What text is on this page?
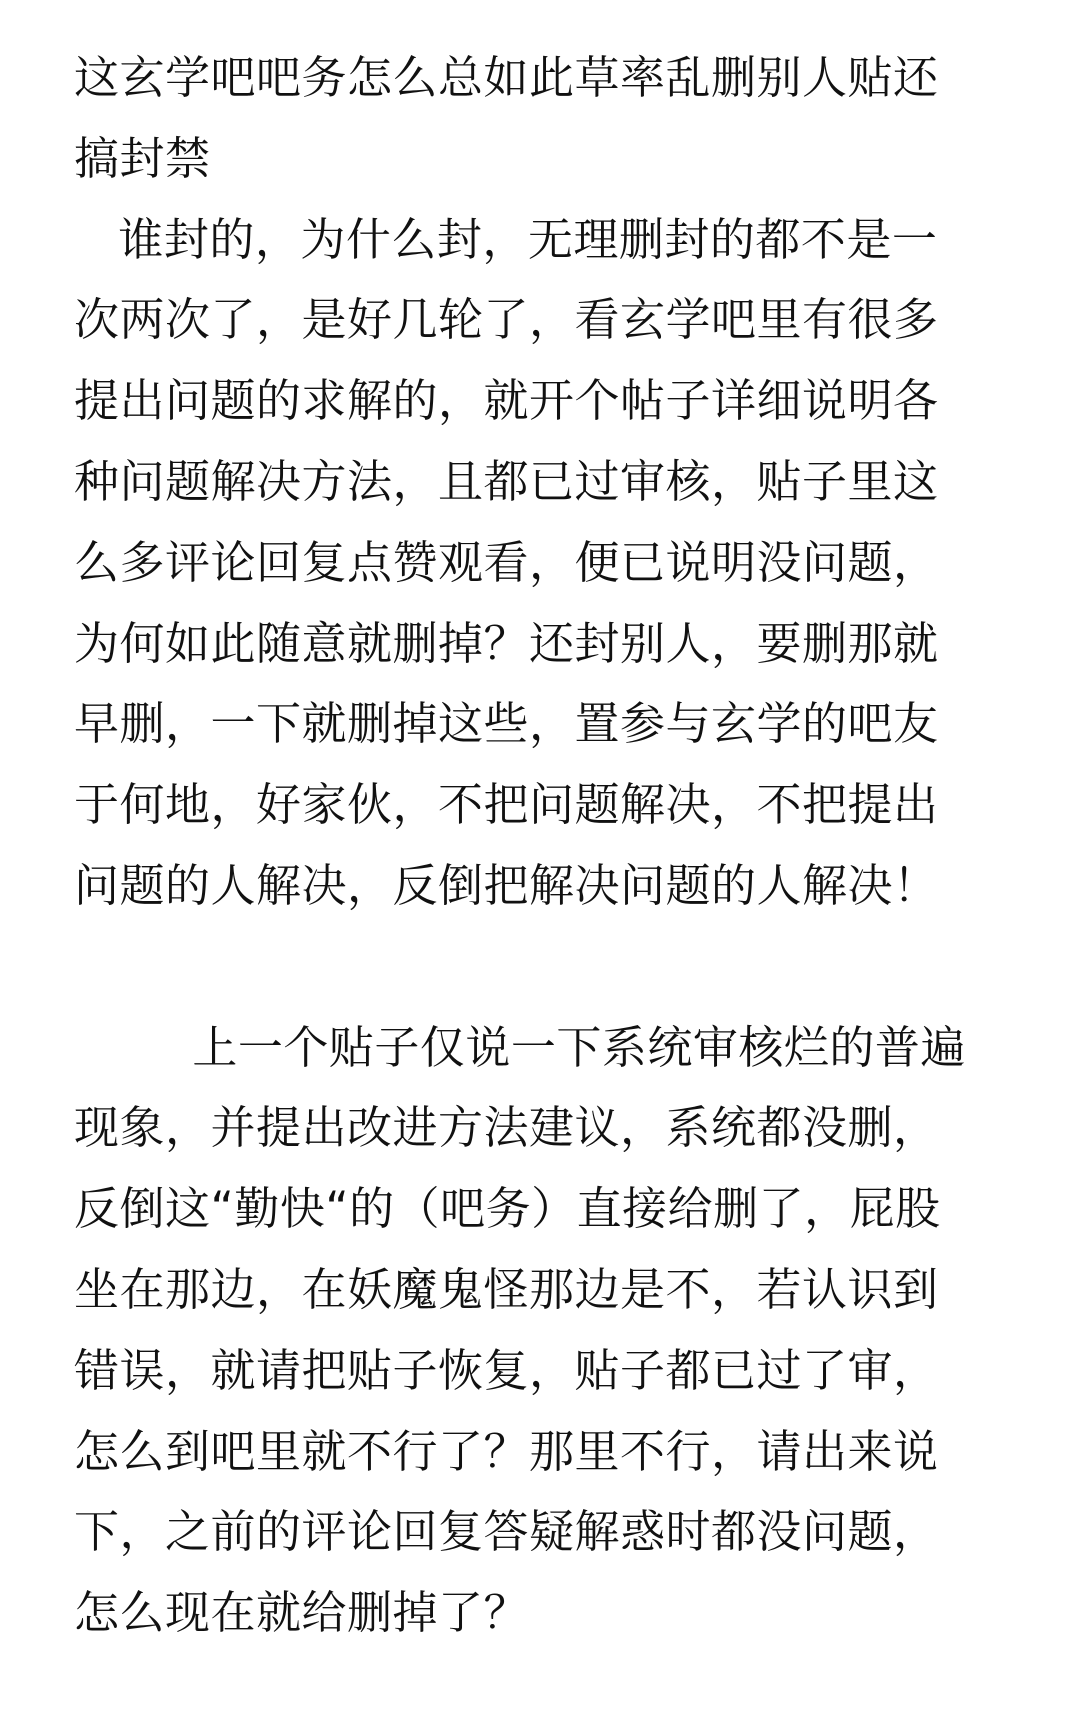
这玄学吧吧务怎么总如此草率乱删别人贴还
搞封禁
谁封的，为什么封，无理删封的都不是一
次两次了，是好几轮了，看玄学吧里有很多
提出问题的求解的，就开个帖子详细说明各
种问题解决方法，且都已过审核，贴子里这
么多评论回复点赞观看，便已说明没问题，
为何如此随意就删掉？还封别人，要删那就
早删，一下就删掉这些，置参与玄学的吧友
于何地，好家伙，不把问题解决，不把提出
问题的人解决，反倒把解决问题的人解决！
上一个贴子仅说一下系统审核烂的普遍
现象，并提出改进方法建议，系统都没删，
反倒这“勤快“的（吧务）直接给删了，屁股
坐在那边，在妖魔鬼怪那边是不，若认识到
错误，就请把贴子恢复，贴子都已过了审，
怎么到吧里就不行了？那里不行，请出来说
下，之前的评论回复答疑解惑时都没问题，
怎么现在就给删掉了？
